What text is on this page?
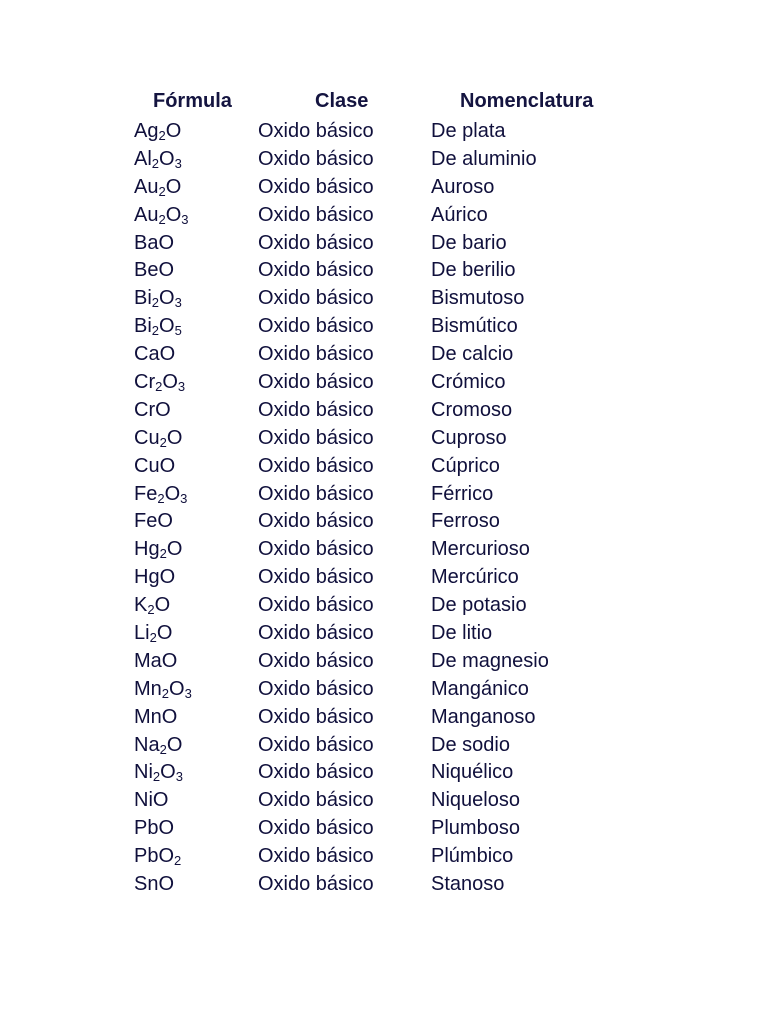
Fórmula	Clase	Nomenclatura
$Ag_2O$	Oxido básico	De plata
$Al_2O_3$	Oxido básico	De aluminio
$Au_2O$	Oxido básico	Auroso
$Au_2O_3$	Oxido básico	Aúrico
BaO	Oxido básico	De bario
BeO	Oxido básico	De berilio
$Bi_2O_3$	Oxido básico	Bismutoso
$Bi_2O_5$	Oxido básico	Bismútico
CaO	Oxido básico	De calcio
$Cr_2O_3$	Oxido básico	Crómico
CrO	Oxido básico	Cromoso
$Cu_2O$	Oxido básico	Cuproso
CuO	Oxido básico	Cúprico
$Fe_2O_3$	Oxido básico	Férrico
FeO	Oxido básico	Ferroso
$Hg_2O$	Oxido básico	Mercurioso
HgO	Oxido básico	Mercúrico
$K_2O$	Oxido básico	De potasio
$Li_2O$	Oxido básico	De litio
MaO	Oxido básico	De magnesio
$Mn_2O_3$	Oxido básico	Mangánico
MnO	Oxido básico	Manganoso
$Na_2O$	Oxido básico	De sodio
$Ni_2O_3$	Oxido básico	Niquélico
NiO	Oxido básico	Niqueloso
PbO	Oxido básico	Plumboso
PbO$_2$	Oxido básico	Plúmbico
SnO	Oxido básico	Stanoso
